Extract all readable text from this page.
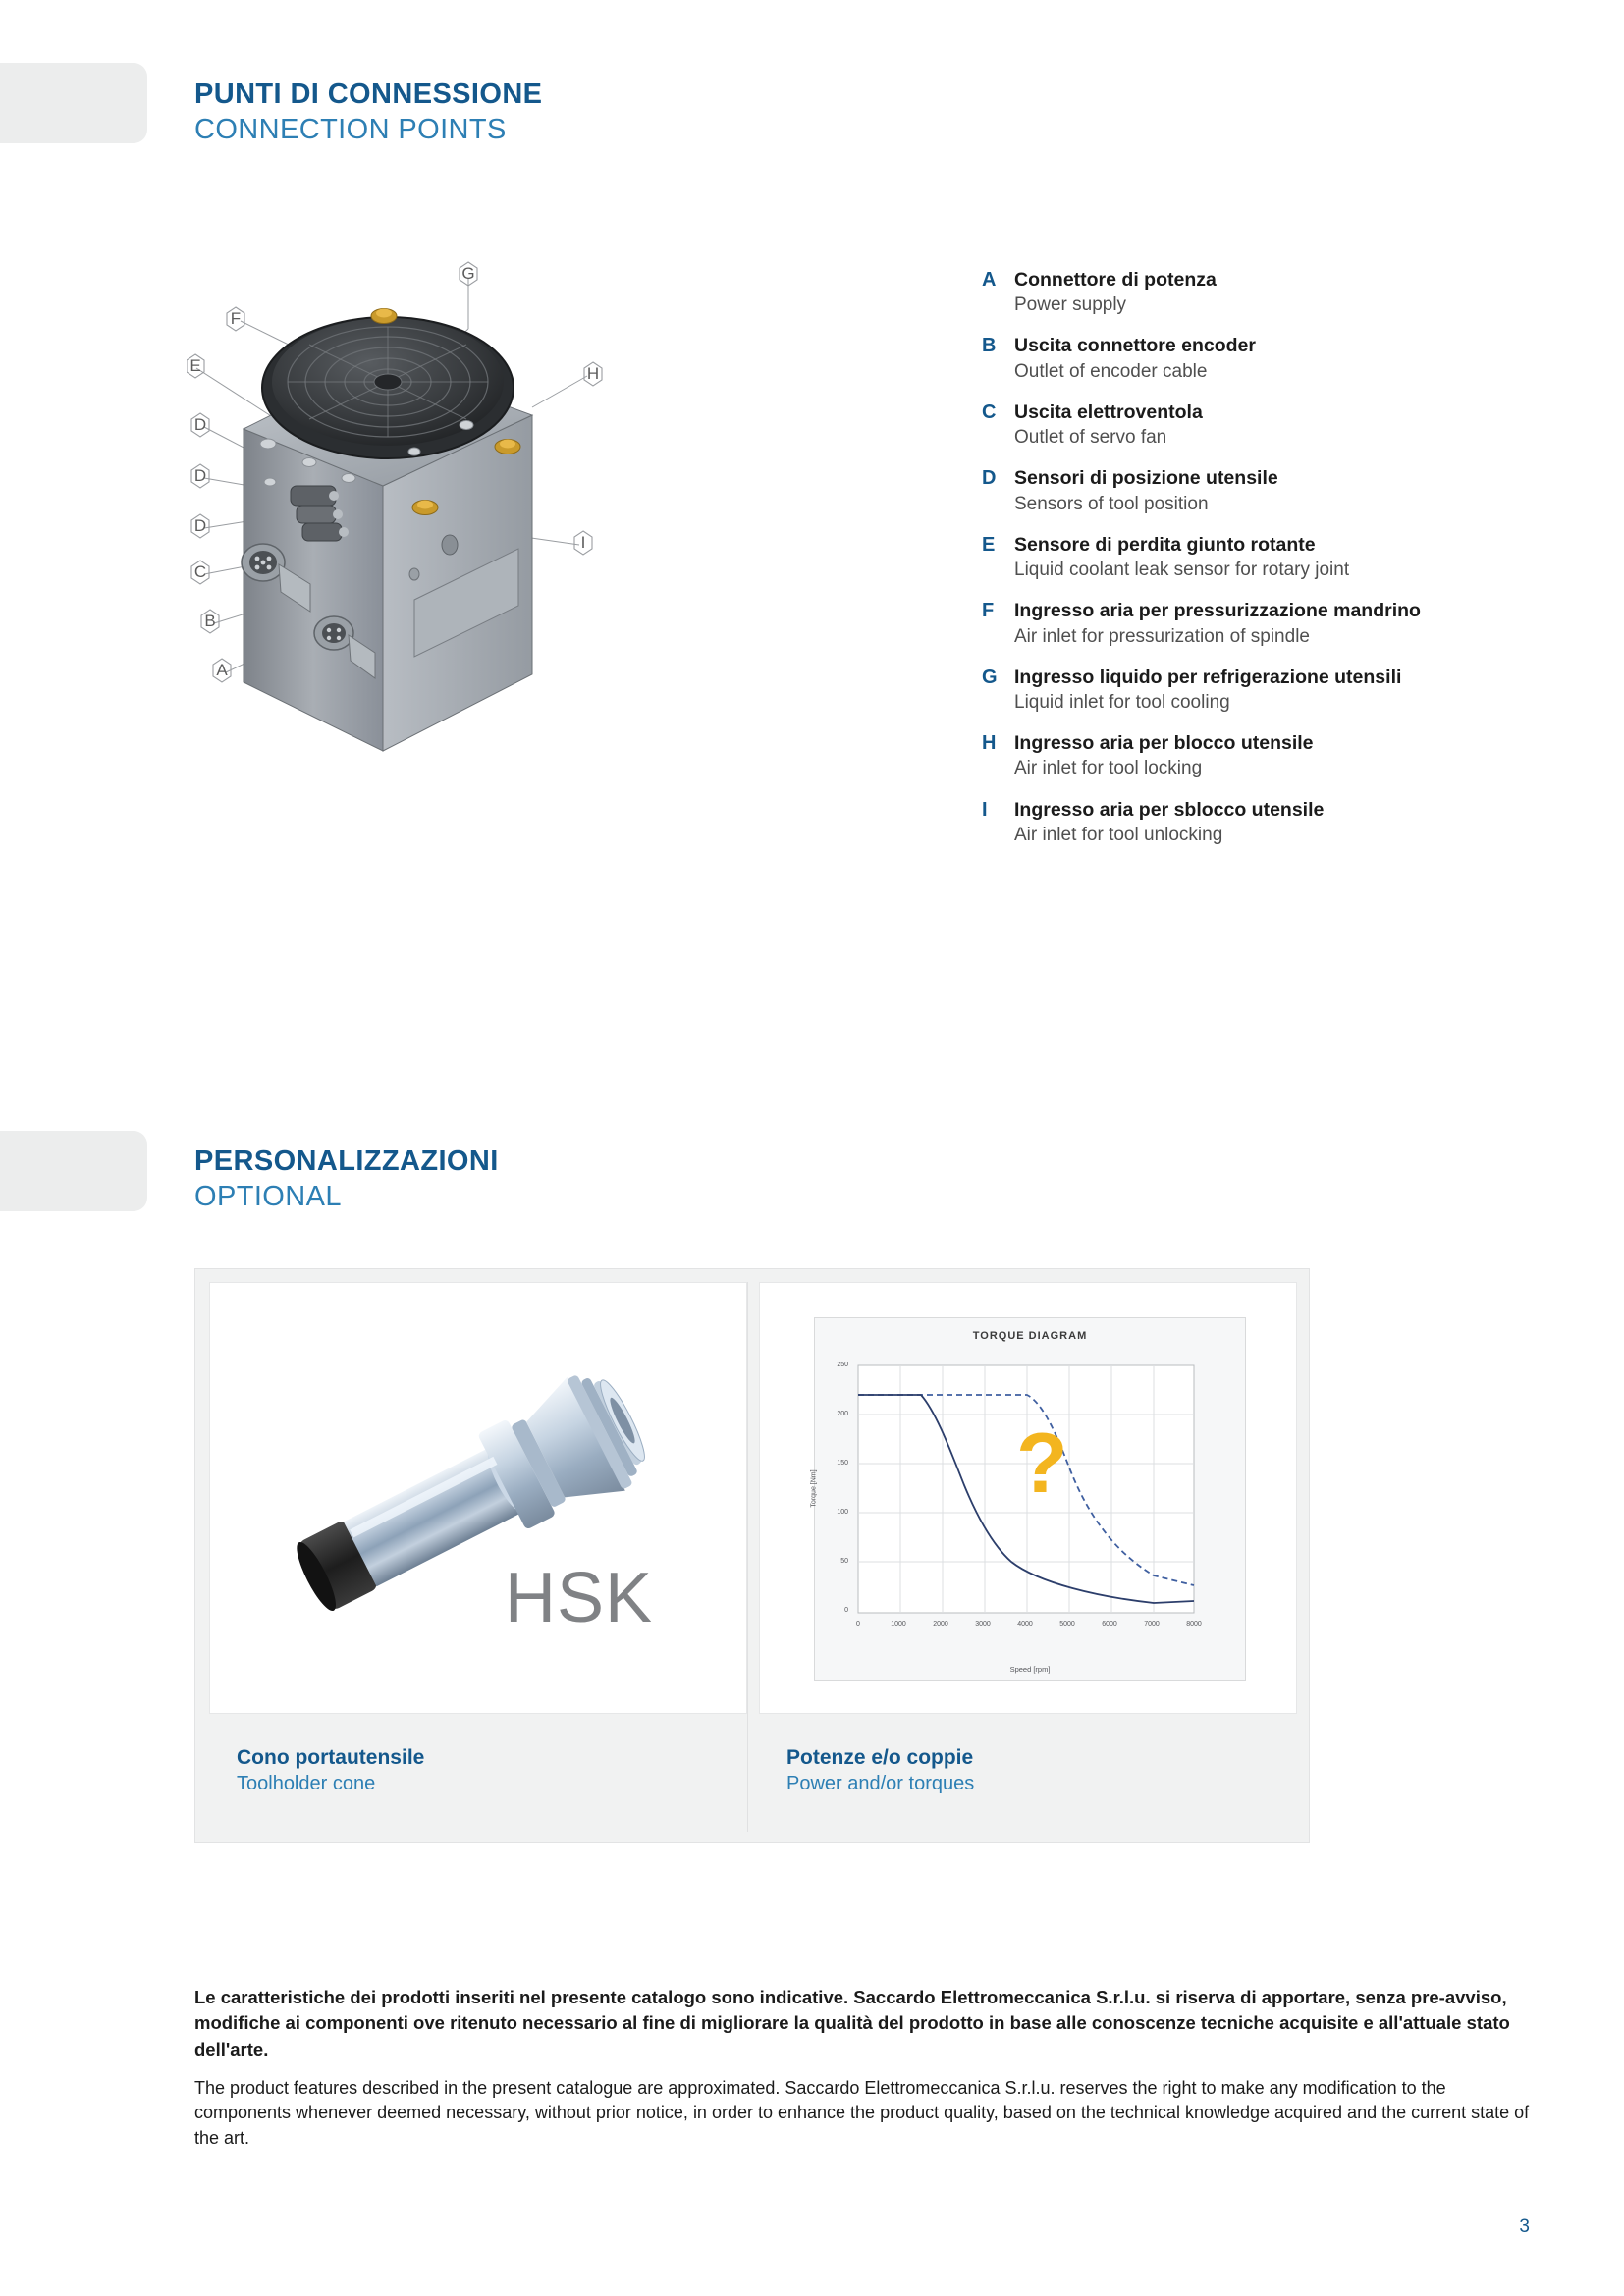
PUNTI DI CONNESSIONE
CONNECTION POINTS
G
F
E
D
D
D
C
B
A
H
I
A Connettore di potenza
Power supply
B Uscita connettore encoder
Outlet of encoder cable
C Uscita elettroventola
Outlet of servo fan
D Sensori di posizione utensile
Sensors of tool position
E	Sensore di perdita giunto rotante
Liquid coolant leak sensor for rotary joint
F	Ingresso aria per pressurizzazione mandrino
Air inlet for pressurization of spindle
G Ingresso liquido per refrigerazione utensili
Liquid inlet for tool cooling
H Ingresso aria per blocco utensile
Air inlet for tool locking
I	Ingresso aria per sblocco utensile
Air inlet for tool unlocking
PERSONALIZZAZIONI
OPTIONAL
HSK
Cono portautensile
Toolholder cone
TORQUE DIAGRAM
Torque [Nm]
Speed [rpm]
250
200
150
100
50
0
0	1000	2000	3000	4000	5000	6000	7000	8000
?
Potenze e/o coppie
Power and/or torques

Le caratteristiche dei prodotti inseriti nel presente catalogo sono indicative. Saccardo Elettromeccanica S.r.l.u. si riserva di apportare, senza pre-avviso, modifiche ai componenti ove ritenuto necessario al fine di migliorare la qualità del prodotto in base alle conoscenze tecniche acquisite e all'attuale stato dell'arte.

The product features described in the present catalogue are approximated. Saccardo Elettromeccanica S.r.l.u. reserves the right to make any modification to the components whenever deemed necessary, without prior notice, in order to enhance the product quality, based on the technical knowledge acquired and the current state of the art.

3
